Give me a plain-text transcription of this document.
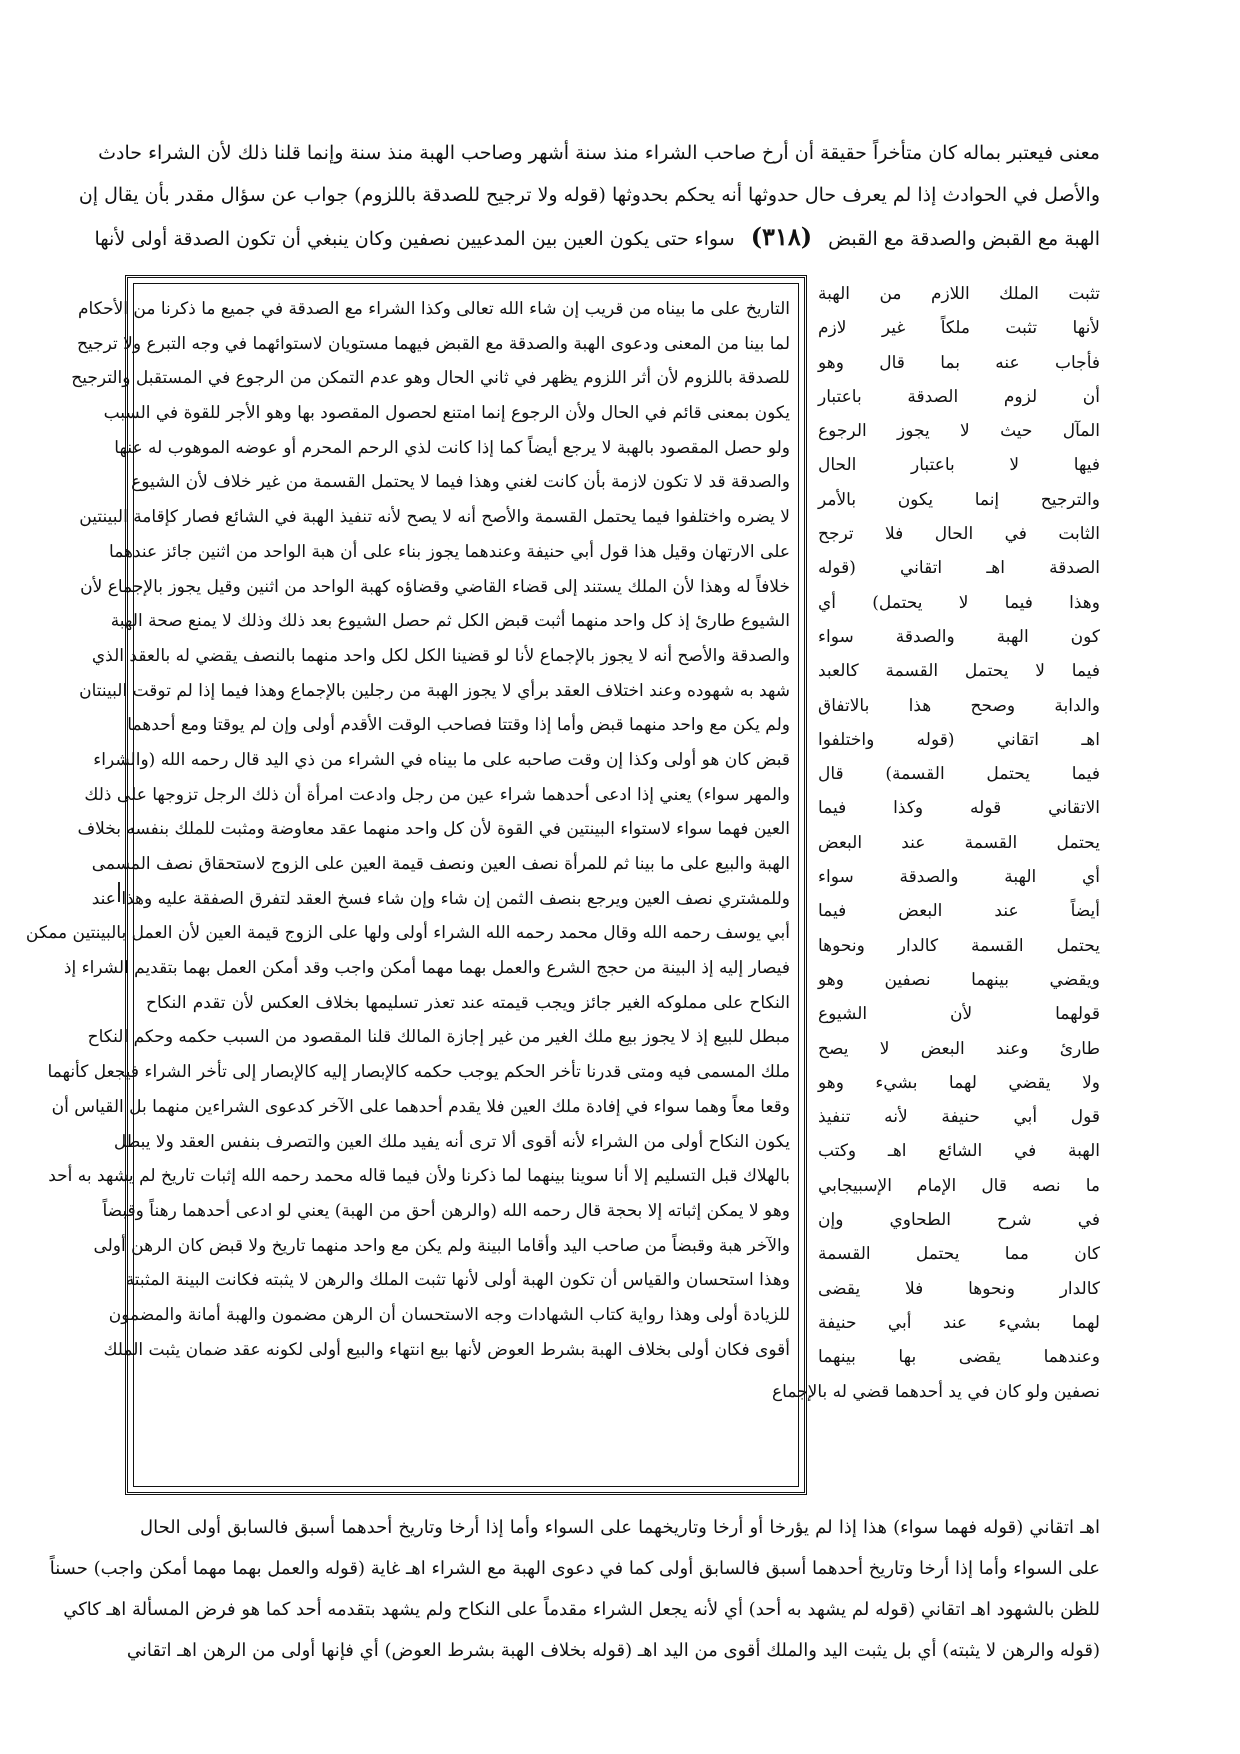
معنى فيعتبر بماله كان متأخراً حقيقة أن أرخ صاحب الشراء منذ سنة أشهر وصاحب الهبة منذ سنة وإنما قلنا ذلك لأن الشراء حادث
والأصل في الحوادث إذا لم يعرف حال حدوثها أنه يحكم بحدوثها (قوله ولا ترجيح للصدقة باللزوم) جواب عن سؤال مقدر بأن يقال إن
الهبة مع القبض والصدقة مع القبض (٣١٨) سواء حتى يكون العين بين المدعيين نصفين وكان ينبغي أن تكون الصدقة أولى لأنها
التاريخ على ما بيناه من قريب إن شاء الله تعالى وكذا الشراء مع الصدقة في جميع ما ذكرنا من الأحكام
لما بينا من المعنى ودعوى الهبة والصدقة مع القبض فيهما مستويان لاستوائهما في وجه التبرع ولا ترجيح
للصدقة باللزوم لأن أثر اللزوم يظهر في ثاني الحال وهو عدم التمكن من الرجوع في المستقبل والترجيح
يكون بمعنى قائم في الحال ولأن الرجوع إنما امتنع لحصول المقصود بها وهو الأجر للقوة في السبب
ولو حصل المقصود بالهبة لا يرجع أيضاً كما إذا كانت لذي الرحم المحرم أو عوضه الموهوب له عنها
والصدقة قد لا تكون لازمة بأن كانت لغني وهذا فيما لا يحتمل القسمة من غير خلاف لأن الشيوع
لا يضره واختلفوا فيما يحتمل القسمة والأصح أنه لا يصح لأنه تنفيذ الهبة في الشائع فصار كإقامة البينتين
على الارتهان وقيل هذا قول أبي حنيفة وعندهما يجوز بناء على أن هبة الواحد من اثنين جائز عندهما
خلافاً له وهذا لأن الملك يستند إلى قضاء القاضي وقضاؤه كهبة الواحد من اثنين وقيل يجوز بالإجماع لأن
الشيوع طارئ إذ كل واحد منهما أثبت قبض الكل ثم حصل الشيوع بعد ذلك وذلك لا يمنع صحة الهبة
والصدقة والأصح أنه لا يجوز بالإجماع لأنا لو قضينا الكل لكل واحد منهما بالنصف يقضي له بالعقد الذي
شهد به شهوده وعند اختلاف العقد برأي لا يجوز الهبة من رجلين بالإجماع وهذا فيما إذا لم توقت البينتان
ولم يكن مع واحد منهما قبض وأما إذا وقتتا فصاحب الوقت الأقدم أولى وإن لم يوقتا ومع أحدهما
قبض كان هو أولى وكذا إن وقت صاحبه على ما بيناه في الشراء من ذي اليد قال رحمه الله (والشراء
والمهر سواء) يعني إذا ادعى أحدهما شراء عين من رجل وادعت امرأة أن ذلك الرجل تزوجها على ذلك
العين فهما سواء لاستواء البينتين في القوة لأن كل واحد منهما عقد معاوضة ومثبت للملك بنفسه بخلاف
الهبة والبيع على ما بينا ثم للمرأة نصف العين ونصف قيمة العين على الزوج لاستحقاق نصف المسمى
وللمشتري نصف العين ويرجع بنصف الثمن إن شاء وإن شاء فسخ العقد لتفرق الصفقة عليه وهذا عند
أبي يوسف رحمه الله وقال محمد رحمه الله الشراء أولى ولها على الزوج قيمة العين لأن العمل بالبينتين ممكن
فيصار إليه إذ البينة من حجج الشرع والعمل بهما مهما أمكن واجب وقد أمكن العمل بهما بتقديم الشراء إذ
النكاح على مملوكه الغير جائز ويجب قيمته عند تعذر تسليمها بخلاف العكس لأن تقدم النكاح
مبطل للبيع إذ لا يجوز بيع ملك الغير من غير إجازة المالك قلنا المقصود من السبب حكمه وحكم النكاح
ملك المسمى فيه ومتى قدرنا تأخر الحكم يوجب حكمه كالإبصار إليه كالإبصار إلى تأخر الشراء فيجعل كأنهما
وقعا معاً وهما سواء في إفادة ملك العين فلا يقدم أحدهما على الآخر كدعوى الشراءين منهما بل القياس أن
يكون النكاح أولى من الشراء لأنه أقوى ألا ترى أنه يفيد ملك العين والتصرف بنفس العقد ولا يبطل
بالهلاك قبل التسليم إلا أنا سوينا بينهما لما ذكرنا ولأن فيما قاله محمد رحمه الله إثبات تاريخ لم يشهد به أحد
وهو لا يمكن إثباته إلا بحجة قال رحمه الله (والرهن أحق من الهبة) يعني لو ادعى أحدهما رهناً وقبضاً
والآخر هبة وقبضاً من صاحب اليد وأقاما البينة ولم يكن مع واحد منهما تاريخ ولا قبض كان الرهن أولى
وهذا استحسان والقياس أن تكون الهبة أولى لأنها تثبت الملك والرهن لا يثبته فكانت البينة المثبتة
للزيادة أولى وهذا رواية كتاب الشهادات وجه الاستحسان أن الرهن مضمون والهبة أمانة والمضمون
أقوى فكان أولى بخلاف الهبة بشرط العوض لأنها بيع انتهاء والبيع أولى لكونه عقد ضمان يثبت الملك
تثبت الملك اللازم من الهبة
لأنها تثبت ملكاً غير لازم
فأجاب عنه بما قال وهو
أن لزوم الصدقة باعتبار
المآل حيث لا يجوز الرجوع
فيها لا باعتبار الحال
والترجيح إنما يكون بالأمر
الثابت في الحال فلا ترجح
الصدقة اهـ اتقاني (قوله
وهذا فيما لا يحتمل) أي
كون الهبة والصدقة سواء
فيما لا يحتمل القسمة كالعبد
والدابة وصحح هذا بالاتفاق
اهـ اتقاني (قوله واختلفوا
فيما يحتمل القسمة) قال
الاتقاني قوله وكذا فيما
يحتمل القسمة عند البعض
أي الهبة والصدقة سواء
أيضاً عند البعض فيما
يحتمل القسمة كالدار ونحوها
ويقضي بينهما نصفين وهو
قولهما لأن الشيوع
طارئ وعند البعض لا يصح
ولا يقضي لهما بشيء وهو
قول أبي حنيفة لأنه تنفيذ
الهبة في الشائع اهـ وكتب
ما نصه قال الإمام الإسبيجابي
في شرح الطحاوي وإن
كان مما يحتمل القسمة
كالدار ونحوها فلا يقضى
لهما بشيء عند أبي حنيفة
وعندهما يقضى بها بينهما
نصفين ولو كان في يد أحدهما قضي له بالإجماع
اهـ اتقاني (قوله فهما سواء) هذا إذا لم يؤرخا أو أرخا وتاريخهما على السواء وأما إذا أرخا وتاريخ أحدهما أسبق فالسابق أولى الحال
على السواء وأما إذا أرخا وتاريخ أحدهما أسبق فالسابق أولى كما في دعوى الهبة مع الشراء اهـ غاية (قوله والعمل بهما مهما أمكن واجب) حسناً
للظن بالشهود اهـ اتقاني (قوله لم يشهد به أحد) أي لأنه يجعل الشراء مقدماً على النكاح ولم يشهد بتقدمه أحد كما هو فرض المسألة اهـ كاكي
(قوله والرهن لا يثبته) أي بل يثبت اليد والملك أقوى من اليد اهـ (قوله بخلاف الهبة بشرط العوض) أي فإنها أولى من الرهن اهـ اتقاني
